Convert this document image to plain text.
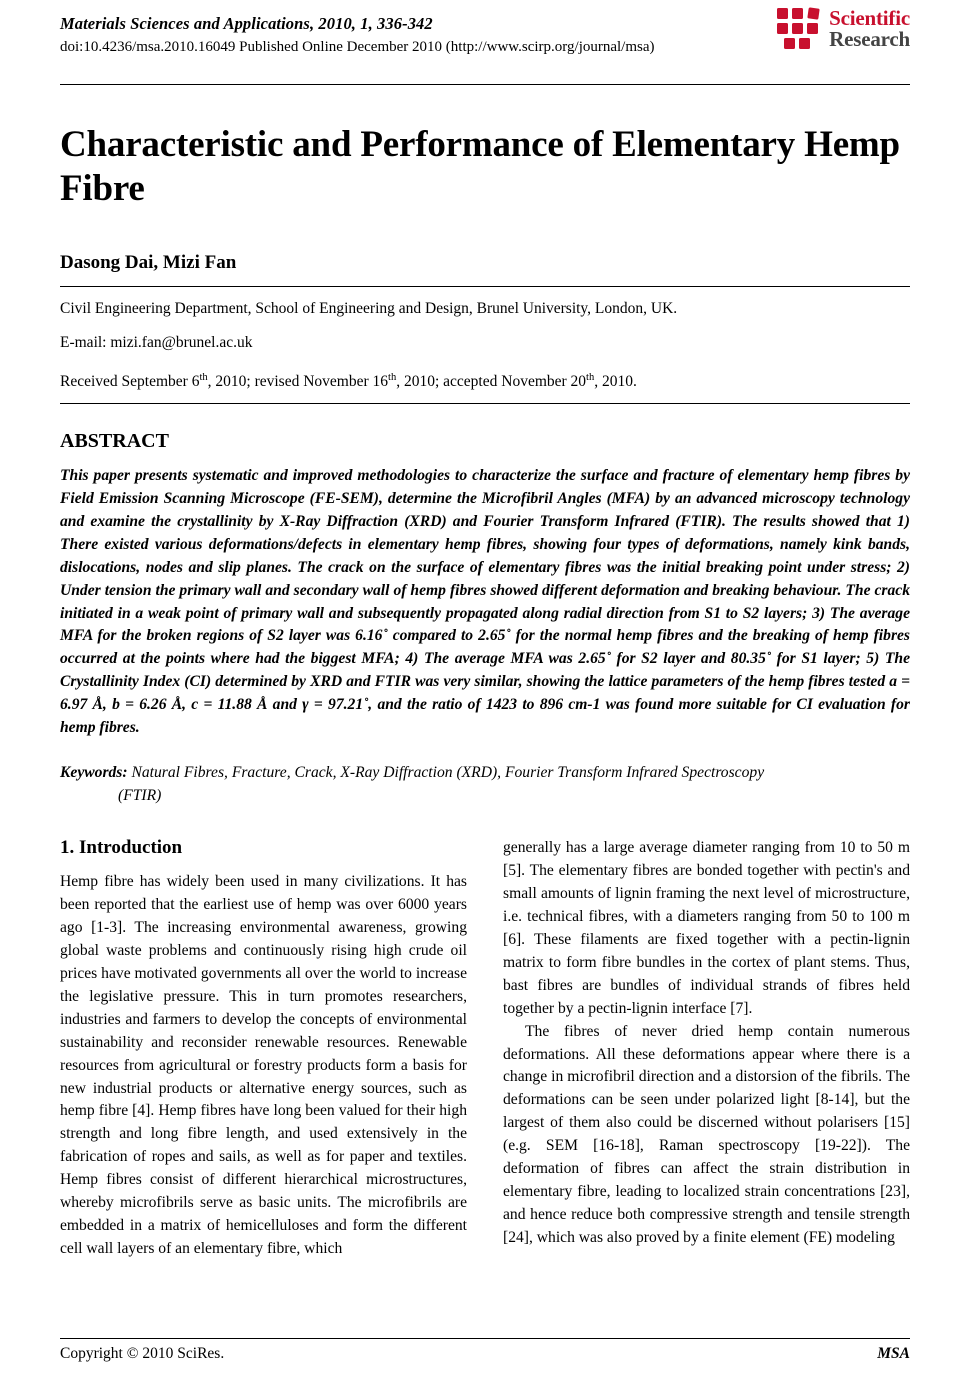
Materials Sciences and Applications, 2010, 1, 336-342
doi:10.4236/msa.2010.16049 Published Online December 2010 (http://www.scirp.org/journal/msa)
Scientific
Research
Characteristic and Performance of Elementary Hemp Fibre
Dasong Dai, Mizi Fan
Civil Engineering Department, School of Engineering and Design, Brunel University, London, UK.
E-mail: mizi.fan@brunel.ac.uk
Received September 6th, 2010; revised November 16th, 2010; accepted November 20th, 2010.
ABSTRACT

This paper presents systematic and improved methodologies to characterize the surface and fracture of elementary hemp fibres by Field Emission Scanning Microscope (FE-SEM), determine the Microfibril Angles (MFA) by an advanced microscopy technology and examine the crystallinity by X-Ray Diffraction (XRD) and Fourier Transform Infrared (FTIR). The results showed that 1) There existed various deformations/defects in elementary hemp fibres, showing four types of deformations, namely kink bands, dislocations, nodes and slip planes. The crack on the surface of elementary fibres was the initial breaking point under stress; 2) Under tension the primary wall and secondary wall of hemp fibres showed different deformation and breaking behaviour. The crack initiated in a weak point of primary wall and subsequently propagated along radial direction from S1 to S2 layers; 3) The average MFA for the broken regions of S2 layer was 6.16˚ compared to 2.65˚ for the normal hemp fibres and the breaking of hemp fibres occurred at the points where had the biggest MFA; 4) The average MFA was 2.65˚ for S2 layer and 80.35˚ for S1 layer; 5) The Crystallinity Index (CI) determined by XRD and FTIR was very similar, showing the lattice parameters of the hemp fibres tested a = 6.97 Å, b = 6.26 Å, c = 11.88 Å and γ = 97.21˚, and the ratio of 1423 to 896 cm-1 was found more suitable for CI evaluation for hemp fibres.

Keywords: Natural Fibres, Fracture, Crack, X-Ray Diffraction (XRD), Fourier Transform Infrared Spectroscopy
(FTIR)

1. Introduction

Hemp fibre has widely been used in many civilizations. It has been reported that the earliest use of hemp was over 6000 years ago [1-3]. The increasing environmental awareness, growing global waste problems and continuously rising high crude oil prices have motivated governments all over the world to increase the legislative pressure. This in turn promotes researchers, industries and farmers to develop the concepts of environmental sustainability and reconsider renewable resources. Renewable resources from agricultural or forestry products form a basis for new industrial products or alternative energy sources, such as hemp fibre [4]. Hemp fibres have long been valued for their high strength and long fibre length, and used extensively in the fabrication of ropes and sails, as well as for paper and textiles. Hemp fibres consist of different hierarchical microstructures, whereby microfibrils serve as basic units. The microfibrils are embedded in a matrix of hemicelluloses and form the different cell wall layers of an elementary fibre, which

generally has a large average diameter ranging from 10 to 50 m [5]. The elementary fibres are bonded together with pectin's and small amounts of lignin framing the next level of microstructure, i.e. technical fibres, with a diameters ranging from 50 to 100 m [6]. These filaments are fixed together with a pectin-lignin matrix to form fibre bundles in the cortex of plant stems. Thus, bast fibres are bundles of individual strands of fibres held together by a pectin-lignin interface [7].

The fibres of never dried hemp contain numerous deformations. All these deformations appear where there is a change in microfibril direction and a distorsion of the fibrils. The deformations can be seen under polarized light [8-14], but the largest of them also could be discerned without polarisers [15] (e.g. SEM [16-18], Raman spectroscopy [19-22]). The deformation of fibres can affect the strain distribution in elementary fibre, leading to localized strain concentrations [23], and hence reduce both compressive strength and tensile strength [24], which was also proved by a finite element (FE) modeling

Copyright © 2010 SciRes.	MSA
